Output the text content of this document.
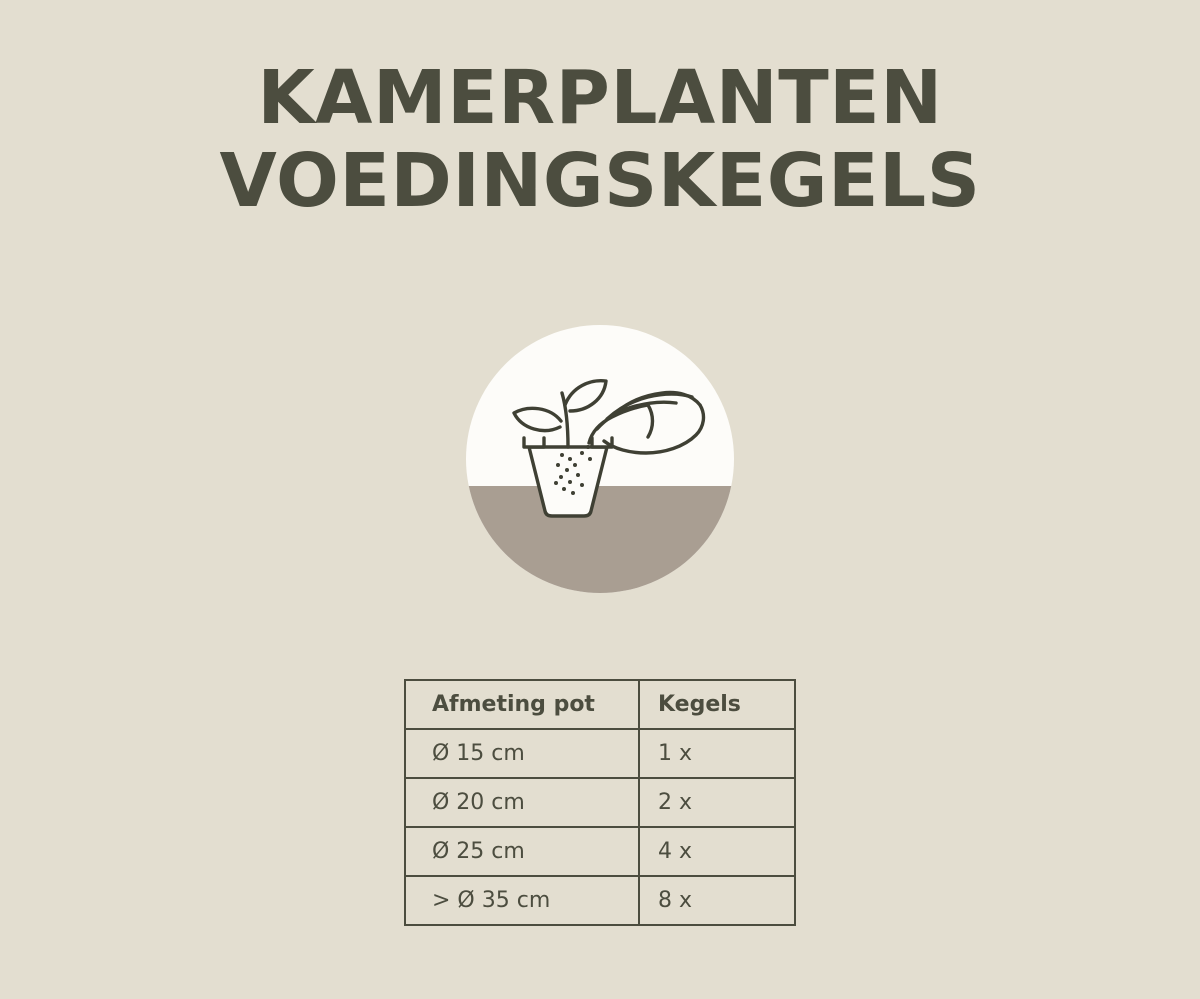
KAMERPLANTEN
VOEDINGSKEGELS
Afmeting pot	Kegels
Ø 15 cm	1 x
Ø 20 cm	2 x
Ø 25 cm	4 x
> Ø 35 cm	8 x
